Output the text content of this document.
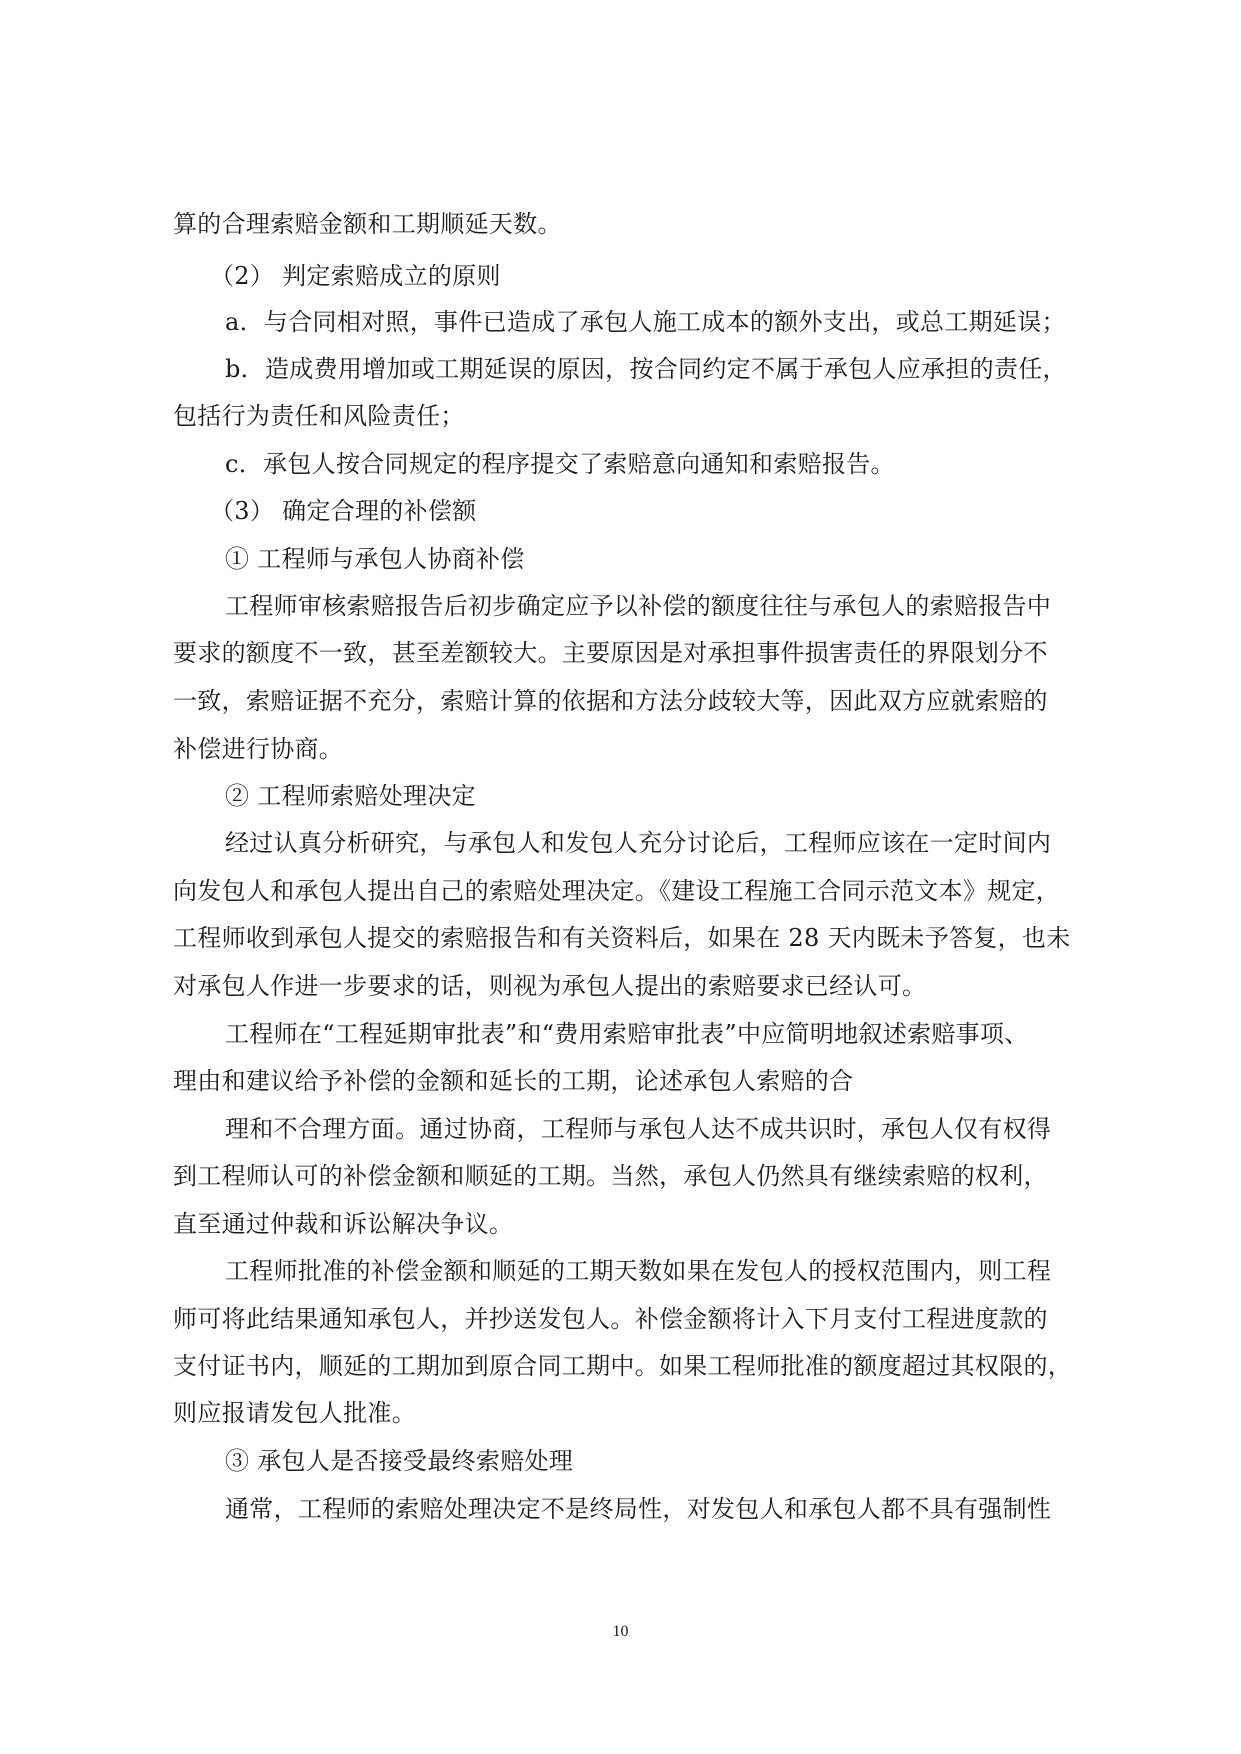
算的合理索赔金额和工期顺延天数。
（2） 判定索赔成立的原则
a．与合同相对照，事件已造成了承包人施工成本的额外支出，或总工期延误；
b．造成费用增加或工期延误的原因，按合同约定不属于承包人应承担的责任，
包括行为责任和风险责任；
c．承包人按合同规定的程序提交了索赔意向通知和索赔报告。
（3） 确定合理的补偿额
① 工程师与承包人协商补偿
工程师审核索赔报告后初步确定应予以补偿的额度往往与承包人的索赔报告中
要求的额度不一致，甚至差额较大。主要原因是对承担事件损害责任的界限划分不
一致，索赔证据不充分，索赔计算的依据和方法分歧较大等，因此双方应就索赔的
补偿进行协商。
② 工程师索赔处理决定
经过认真分析研究，与承包人和发包人充分讨论后，工程师应该在一定时间内
向发包人和承包人提出自己的索赔处理决定。《建设工程施工合同示范文本》规定，
工程师收到承包人提交的索赔报告和有关资料后，如果在 28 天内既未予答复，也未
对承包人作进一步要求的话，则视为承包人提出的索赔要求已经认可。
工程师在“工程延期审批表”和“费用索赔审批表”中应简明地叙述索赔事项、
理由和建议给予补偿的金额和延长的工期，论述承包人索赔的合
理和不合理方面。通过协商，工程师与承包人达不成共识时，承包人仅有权得
到工程师认可的补偿金额和顺延的工期。当然，承包人仍然具有继续索赔的权利，
直至通过仲裁和诉讼解决争议。
工程师批准的补偿金额和顺延的工期天数如果在发包人的授权范围内，则工程
师可将此结果通知承包人，并抄送发包人。补偿金额将计入下月支付工程进度款的
支付证书内，顺延的工期加到原合同工期中。如果工程师批准的额度超过其权限的，
则应报请发包人批准。
③ 承包人是否接受最终索赔处理
通常，工程师的索赔处理决定不是终局性，对发包人和承包人都不具有强制性
10
